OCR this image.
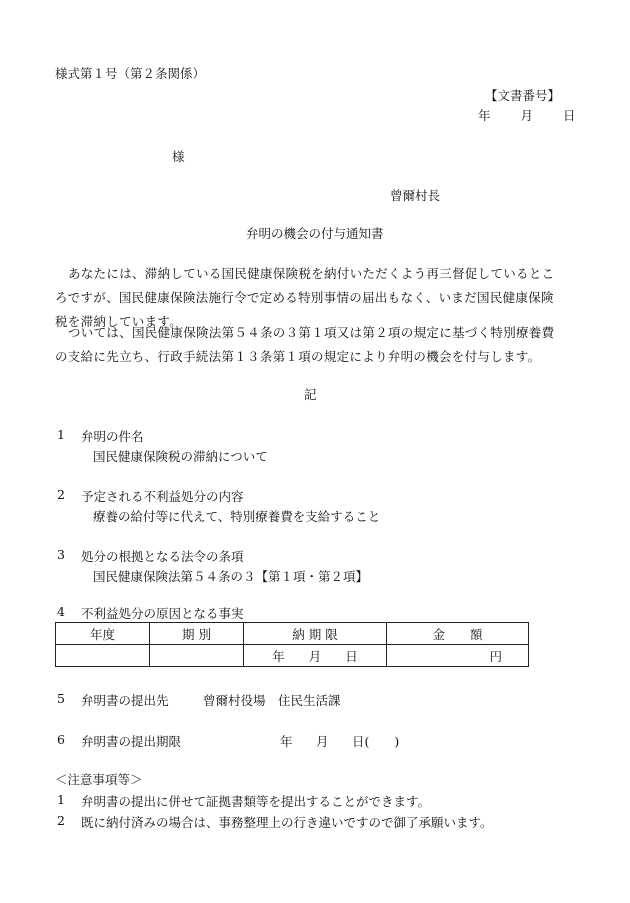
様式第１号（第２条関係）
【文書番号】
年 月 日
様
曾爾村長
弁明の機会の付与通知書
あなたには、滞納している国民健康保険税を納付いただくよう再三督促しているところですが、国民健康保険法施行令で定める特別事情の届出もなく、いまだ国民健康保険税を滞納しています。
ついては、国民健康保険法第５４条の３第１項又は第２項の規定に基づく特別療養費の支給に先立ち、行政手続法第１３条第１項の規定により弁明の機会を付与します。
記
1 弁明の件名
国民健康保険税の滞納について
2 予定される不利益処分の内容
療養の給付等に代えて、特別療養費を支給すること
3 処分の根拠となる法令の条項
国民健康保険法第５４条の３【第１項・第２項】
4 不利益処分の原因となる事実
年度	期 別	納 期 限	金　　額
		年 月 日	円
5 弁明書の提出先	曾爾村役場 住民生活課
6 弁明書の提出期限	年 月 日(　　)
＜注意事項等＞
1 弁明書の提出に併せて証拠書類等を提出することができます。
2 既に納付済みの場合は、事務整理上の行き違いですので御了承願います。
